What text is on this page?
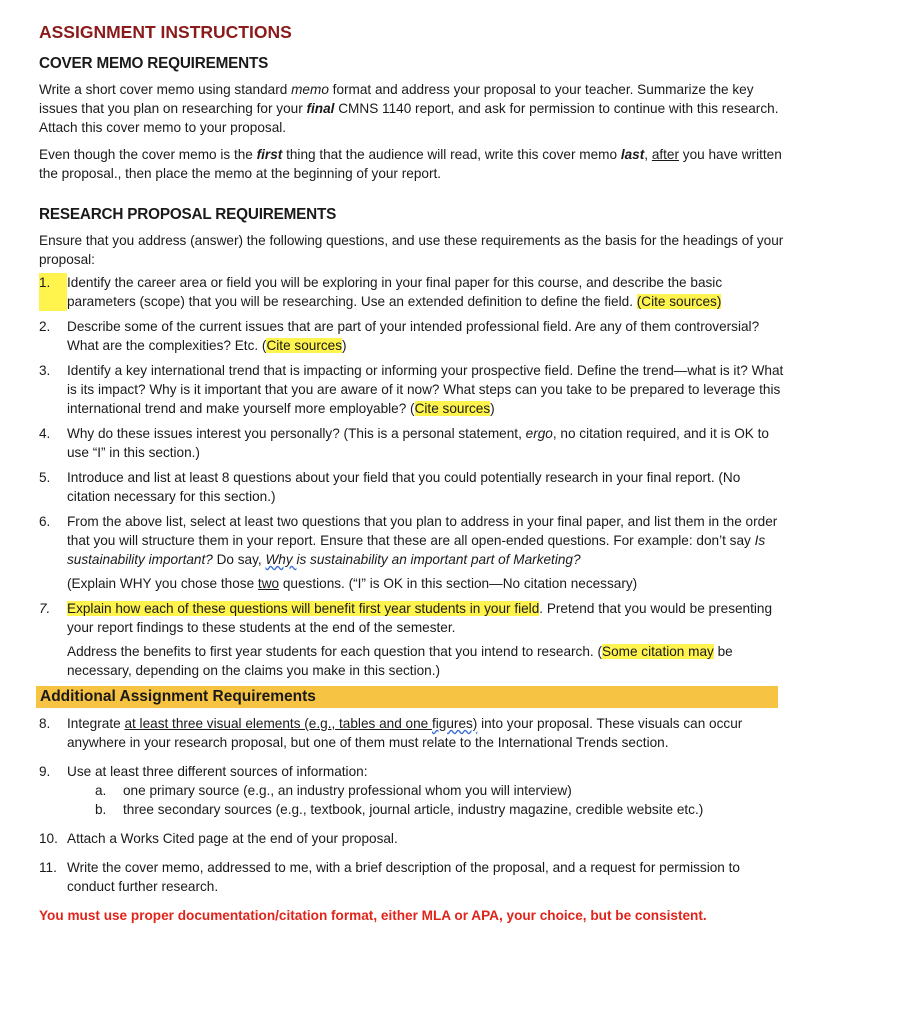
ASSIGNMENT INSTRUCTIONS
COVER MEMO REQUIREMENTS

Write a short cover memo using standard memo format and address your proposal to your teacher. Summarize the key issues that you plan on researching for your final CMNS 1140 report, and ask for permission to continue with this research. Attach this cover memo to your proposal.

Even though the cover memo is the first thing that the audience will read, write this cover memo last, after you have written the proposal., then place the memo at the beginning of your report.

RESEARCH PROPOSAL REQUIREMENTS

Ensure that you address (answer) the following questions, and use these requirements as the basis for the headings of your proposal:

1.	Identify the career area or field you will be exploring in your final paper for this course, and describe the basic parameters (scope) that you will be researching. Use an extended definition to define the field. (Cite sources)
2.	Describe some of the current issues that are part of your intended professional field. Are any of them controversial? What are the complexities? Etc. (Cite sources)
3.	Identify a key international trend that is impacting or informing your prospective field. Define the trend—what is it? What is its impact? Why is it important that you are aware of it now? What steps can you take to be prepared to leverage this international trend and make yourself more employable? (Cite sources)
4.	Why do these issues interest you personally? (This is a personal statement, ergo, no citation required, and it is OK to use “I” in this section.)
5.	Introduce and list at least 8 questions about your field that you could potentially research in your final report. (No citation necessary for this section.)
6.	From the above list, select at least two questions that you plan to address in your final paper, and list them in the order that you will structure them in your report. Ensure that these are all open-ended questions. For example: don’t say Is sustainability important? Do say, Why is sustainability an important part of Marketing?
(Explain WHY you chose those two questions. (“I” is OK in this section—No citation necessary)
7.	Explain how each of these questions will benefit first year students in your field. Pretend that you would be presenting your report findings to these students at the end of the semester.
Address the benefits to first year students for each question that you intend to research. (Some citation may be necessary, depending on the claims you make in this section.)
Additional Assignment Requirements
8.	Integrate at least three visual elements (e.g., tables and one figures) into your proposal. These visuals can occur anywhere in your research proposal, but one of them must relate to the International Trends section.
9.	Use at least three different sources of information:
a.	one primary source (e.g., an industry professional whom you will interview)
b.	three secondary sources (e.g., textbook, journal article, industry magazine, credible website etc.)
10. Attach a Works Cited page at the end of your proposal.
11. Write the cover memo, addressed to me, with a brief description of the proposal, and a request for permission to conduct further research.

You must use proper documentation/citation format, either MLA or APA, your choice, but be consistent.
